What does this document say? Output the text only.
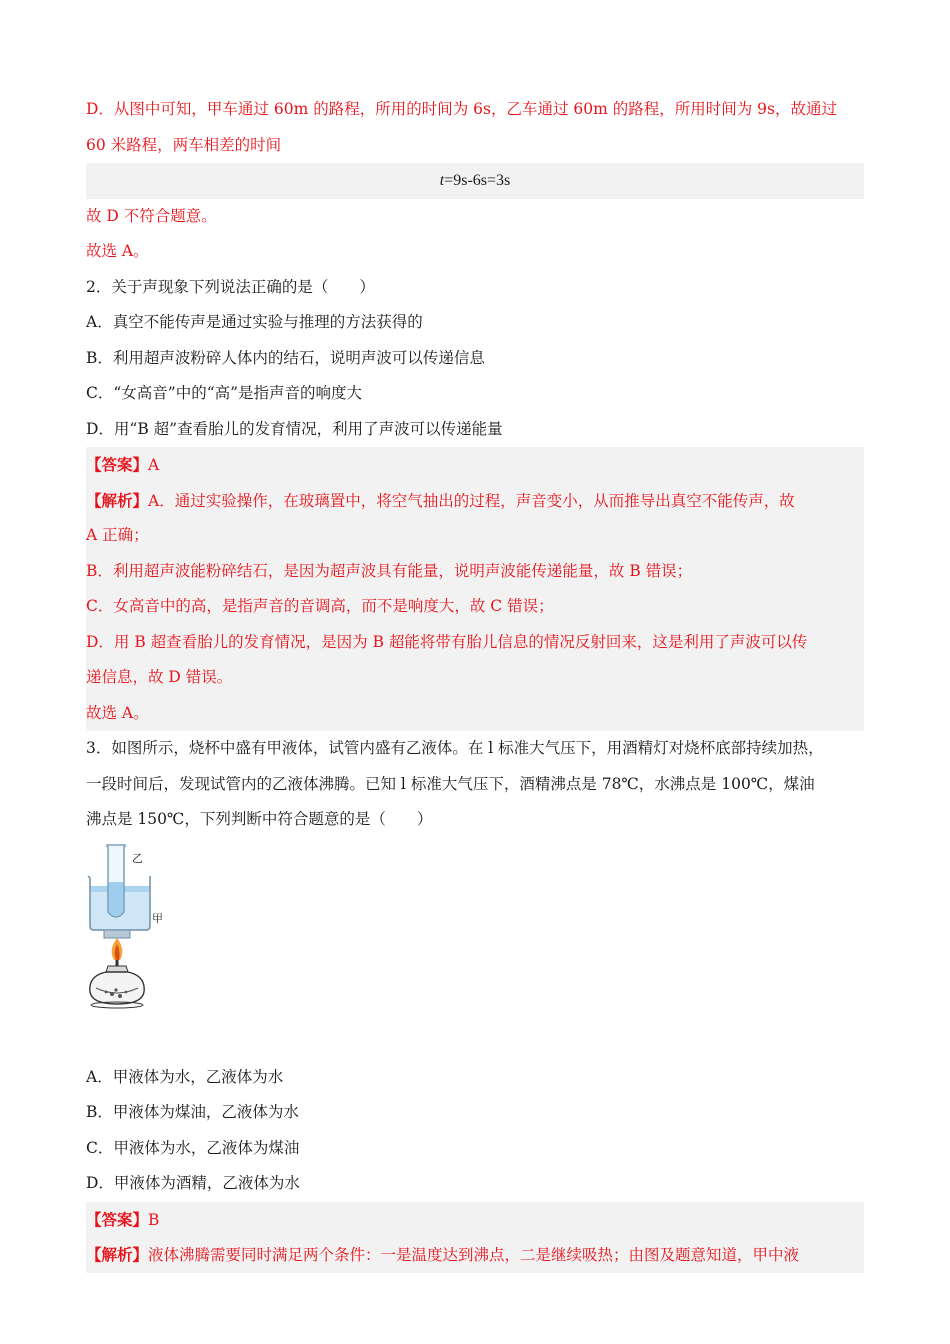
D．从图中可知，甲车通过 60m 的路程，所用的时间为 6s，乙车通过 60m 的路程，所用时间为 9s，故通过
60 米路程，两车相差的时间
t=9s-6s=3s
故 D 不符合题意。
故选 A。
2．关于声现象下列说法正确的是（　　）
A．真空不能传声是通过实验与推理的方法获得的
B．利用超声波粉碎人体内的结石，说明声波可以传递信息
C．“女高音”中的“高”是指声音的响度大
D．用“B 超”查看胎儿的发育情况，利用了声波可以传递能量
【答案】A
【解析】A．通过实验操作，在玻璃置中，将空气抽出的过程，声音变小，从而推导出真空不能传声，故
A 正确；
B．利用超声波能粉碎结石，是因为超声波具有能量，说明声波能传递能量，故 B 错误；
C．女高音中的高，是指声音的音调高，而不是响度大，故 C 错误；
D．用 B 超查看胎儿的发育情况，是因为 B 超能将带有胎儿信息的情况反射回来，这是利用了声波可以传
递信息，故 D 错误。
故选 A。
3．如图所示，烧杯中盛有甲液体，试管内盛有乙液体。在 l 标准大气压下，用酒精灯对烧杯底部持续加热，
一段时间后，发现试管内的乙液体沸腾。已知 l 标准大气压下，酒精沸点是 78℃，水沸点是 100℃，煤油
沸点是 150℃，下列判断中符合题意的是（　　）
乙
甲
A．甲液体为水，乙液体为水
B．甲液体为煤油，乙液体为水
C．甲液体为水，乙液体为煤油
D．甲液体为酒精，乙液体为水
【答案】B
【解析】液体沸腾需要同时满足两个条件：一是温度达到沸点，二是继续吸热；由图及题意知道，甲中液
